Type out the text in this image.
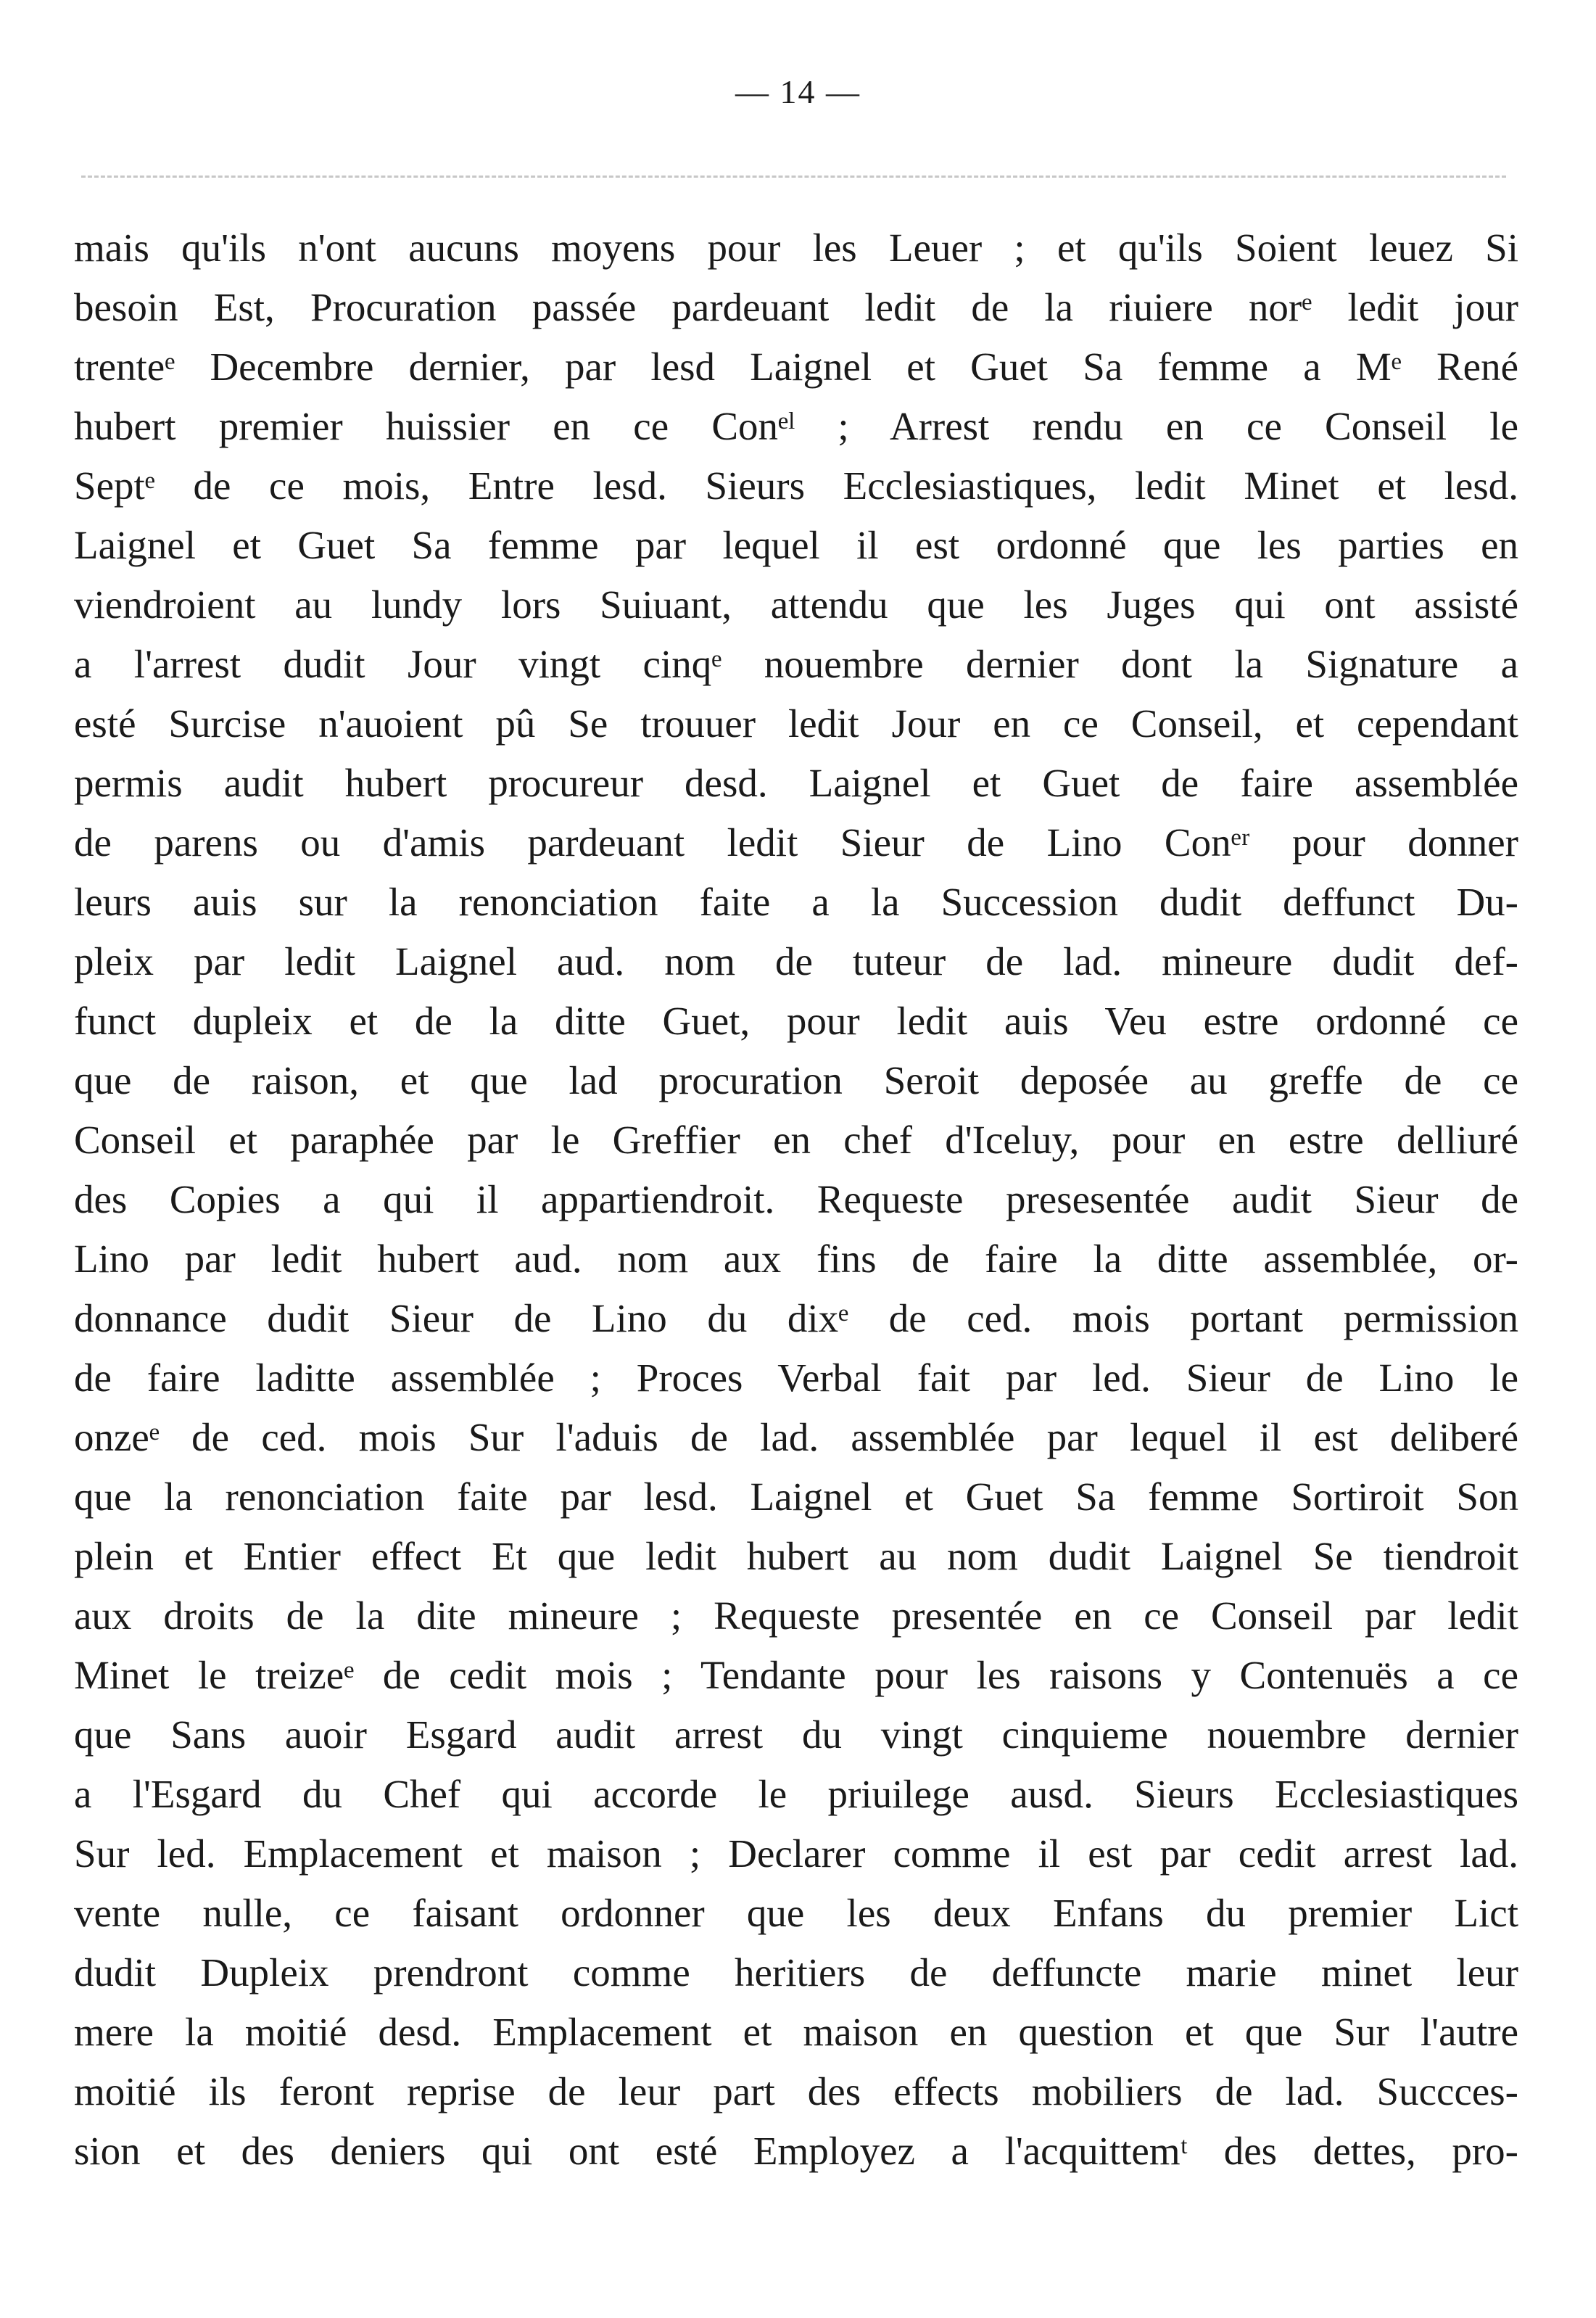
— 14 —
mais qu'ils n'ont aucuns moyens pour les Leuer ; et qu'ils Soient leuez Si
besoin Est, Procuration passée pardeuant ledit de la riuiere norᵉ ledit jour
trenteᵉ Decembre dernier, par lesd Laignel et Guet Sa femme a Mᵉ René
hubert premier huissier en ce Conᵉˡ ; Arrest rendu en ce Conseil le
Septᵉ de ce mois, Entre lesd. Sieurs Ecclesiastiques, ledit Minet et lesd.
Laignel et Guet Sa femme par lequel il est ordonné que les parties en
viendroient au lundy lors Suiuant, attendu que les Juges qui ont assisté
a l'arrest dudit Jour vingt cinqᵉ nouembre dernier dont la Signature a
esté Surcise n'auoient pû Se trouuer ledit Jour en ce Conseil, et cependant
permis audit hubert procureur desd. Laignel et Guet de faire assemblée
de parens ou d'amis pardeuant ledit Sieur de Lino Conᵉʳ pour donner
leurs auis sur la renonciation faite a la Succession dudit deffunct Du-
pleix par ledit Laignel aud. nom de tuteur de lad. mineure dudit def-
funct dupleix et de la ditte Guet, pour ledit auis Veu estre ordonné ce
que de raison, et que lad procuration Seroit deposée au greffe de ce
Conseil et paraphée par le Greffier en chef d'Iceluy, pour en estre delliuré
des Copies a qui il appartiendroit. Requeste presesentée audit Sieur de
Lino par ledit hubert aud. nom aux fins de faire la ditte assemblée, or-
donnance dudit Sieur de Lino du dixᵉ de ced. mois portant permission
de faire laditte assemblée ; Proces Verbal fait par led. Sieur de Lino le
onzeᵉ de ced. mois Sur l'aduis de lad. assemblée par lequel il est deliberé
que la renonciation faite par lesd. Laignel et Guet Sa femme Sortiroit Son
plein et Entier effect Et que ledit hubert au nom dudit Laignel Se tiendroit
aux droits de la dite mineure ; Requeste presentée en ce Conseil par ledit
Minet le treizeᵉ de cedit mois ; Tendante pour les raisons y Contenuës a ce
que Sans auoir Esgard audit arrest du vingt cinquieme nouembre dernier
a l'Esgard du Chef qui accorde le priuilege ausd. Sieurs Ecclesiastiques
Sur led. Emplacement et maison ; Declarer comme il est par cedit arrest lad.
vente nulle, ce faisant ordonner que les deux Enfans du premier Lict
dudit Dupleix prendront comme heritiers de deffuncte marie minet leur
mere la moitié desd. Emplacement et maison en question et que Sur l'autre
moitié ils feront reprise de leur part des effects mobiliers de lad. Succces-
sion et des deniers qui ont esté Employez a l'acquittemᵗ des dettes, pro-
